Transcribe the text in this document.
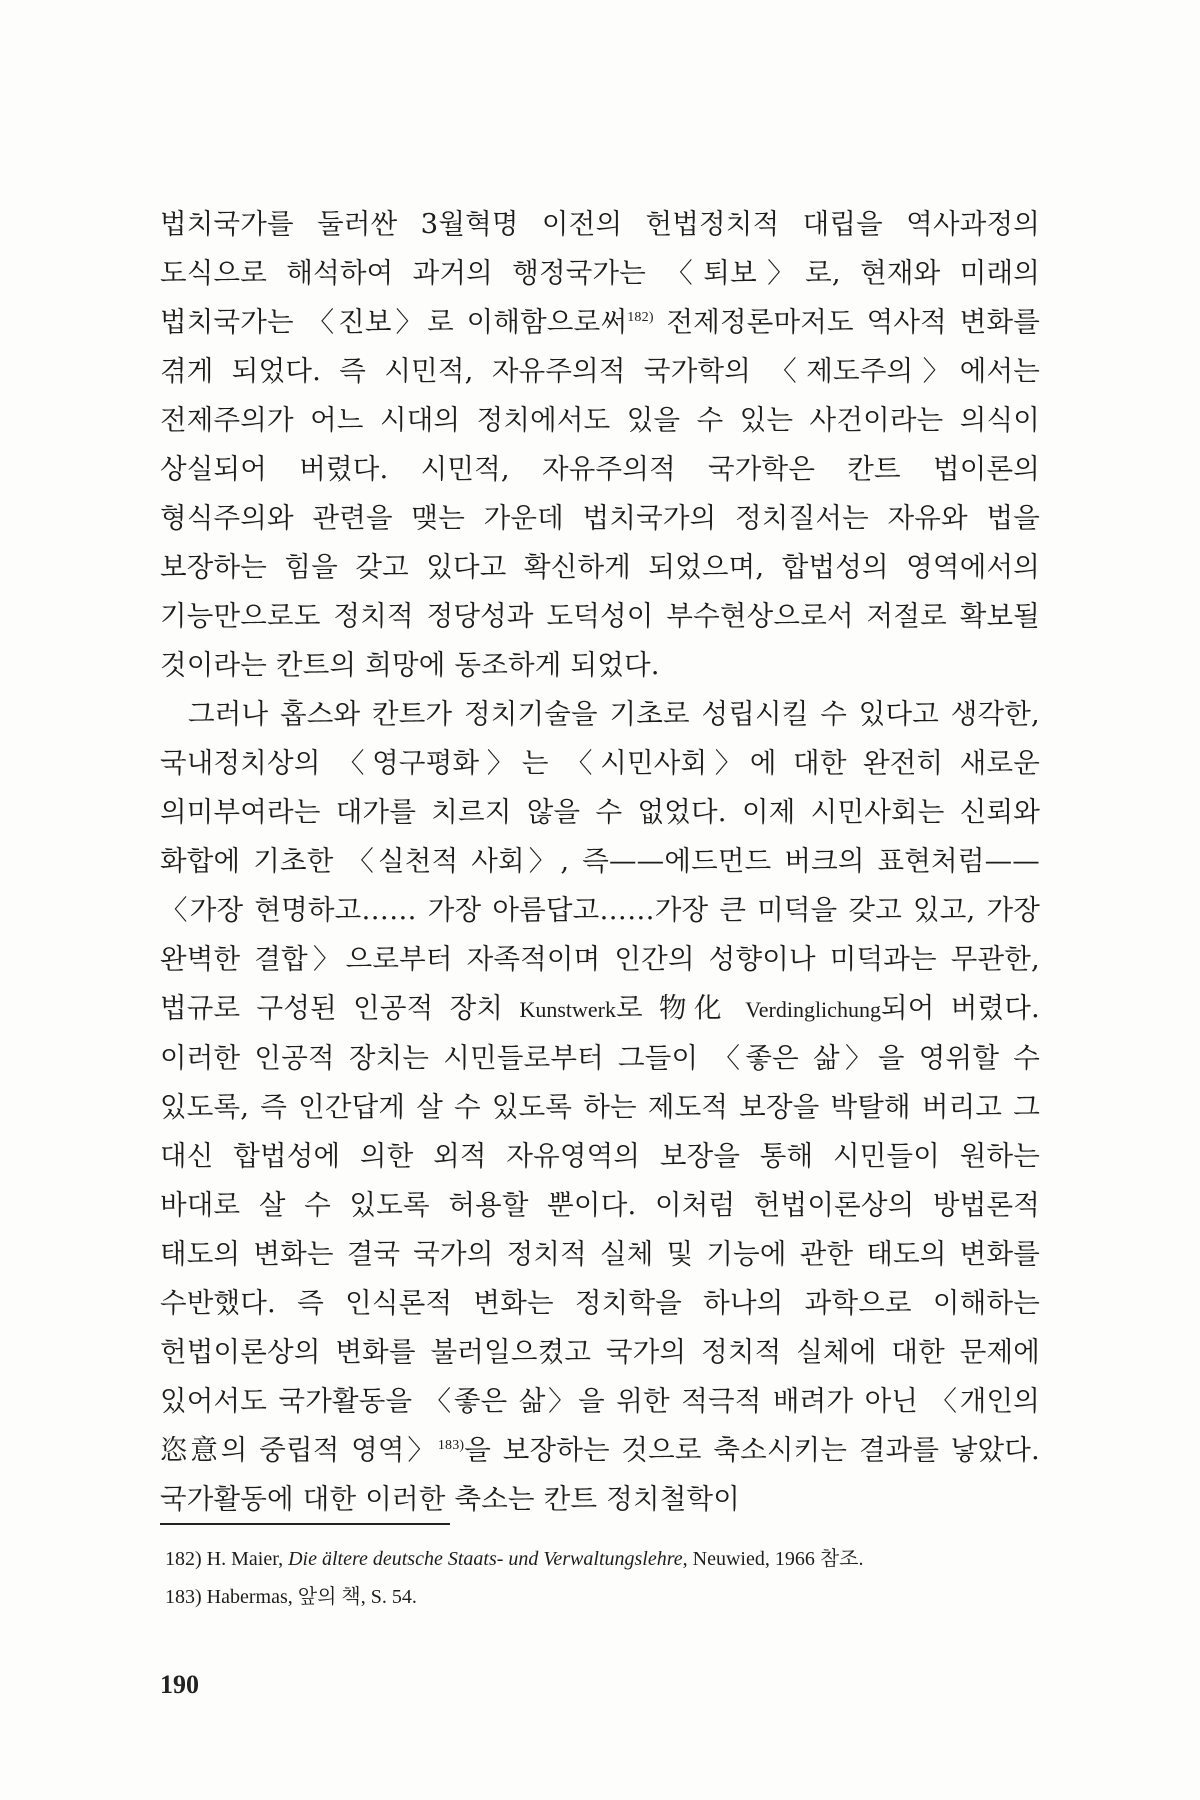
법치국가를 둘러싼 3월혁명 이전의 헌법정치적 대립을 역사과정의 도식으로 해석하여 과거의 행정국가는 〈퇴보〉로, 현재와 미래의 법치국가는 〈진보〉로 이해함으로써$^{182)}$ 전제정론마저도 역사적 변화를 겪게 되었다. 즉 시민적, 자유주의적 국가학의 〈제도주의〉에서는 전제주의가 어느 시대의 정치에서도 있을 수 있는 사건이라는 의식이 상실되어 버렸다. 시민적, 자유주의적 국가학은 칸트 법이론의 형식주의와 관련을 맺는 가운데 법치국가의 정치질서는 자유와 법을 보장하는 힘을 갖고 있다고 확신하게 되었으며, 합법성의 영역에서의 기능만으로도 정치적 정당성과 도덕성이 부수현상으로서 저절로 확보될 것이라는 칸트의 희망에 동조하게 되었다.

그러나 홉스와 칸트가 정치기술을 기초로 성립시킬 수 있다고 생각한, 국내정치상의 〈영구평화〉는 〈시민사회〉에 대한 완전히 새로운 의미부여라는 대가를 치르지 않을 수 없었다. 이제 시민사회는 신뢰와 화합에 기초한 〈실천적 사회〉, 즉——에드먼드 버크의 표현처럼——〈가장 현명하고…… 가장 아름답고……가장 큰 미덕을 갖고 있고, 가장 완벽한 결합〉으로부터 자족적이며 인간의 성향이나 미덕과는 무관한, 법규로 구성된 인공적 장치 Kunstwerk로 物化 Verdinglichung되어 버렸다. 이러한 인공적 장치는 시민들로부터 그들이 〈좋은 삶〉을 영위할 수 있도록, 즉 인간답게 살 수 있도록 하는 제도적 보장을 박탈해 버리고 그 대신 합법성에 의한 외적 자유영역의 보장을 통해 시민들이 원하는 바대로 살 수 있도록 허용할 뿐이다. 이처럼 헌법이론상의 방법론적 태도의 변화는 결국 국가의 정치적 실체 및 기능에 관한 태도의 변화를 수반했다. 즉 인식론적 변화는 정치학을 하나의 과학으로 이해하는 헌법이론상의 변화를 불러일으켰고 국가의 정치적 실체에 대한 문제에 있어서도 국가활동을 〈좋은 삶〉을 위한 적극적 배려가 아닌 〈개인의 恣意의 중립적 영역〉$^{183)}$을 보장하는 것으로 축소시키는 결과를 낳았다. 국가활동에 대한 이러한 축소는 칸트 정치철학이

182) H. Maier, Die ältere deutsche Staats- und Verwaltungslehre, Neuwied, 1966 참조.

183) Habermas, 앞의 책, S. 54.

190
